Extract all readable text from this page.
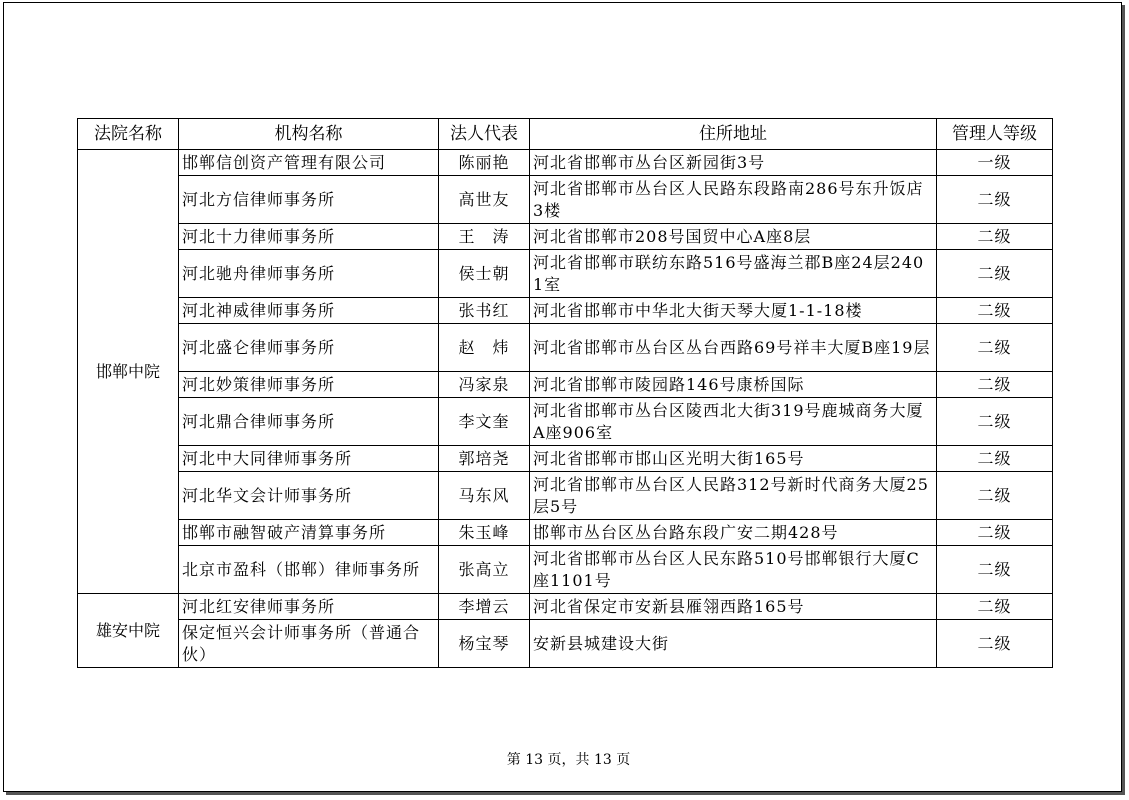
法院名称	机构名称	法人代表	住所地址	管理人等级
邯郸中院	邯郸信创资产管理有限公司	陈丽艳	河北省邯郸市丛台区新园街3号	一级
	河北方信律师事务所	高世友	河北省邯郸市丛台区人民路东段路南286号东升饭店3楼	二级
	河北十力律师事务所	王　涛	河北省邯郸市208号国贸中心A座8层	二级
	河北驰舟律师事务所	侯士朝	河北省邯郸市联纺东路516号盛海兰郡B座24层2401室	二级
	河北神威律师事务所	张书红	河北省邯郸市中华北大街天琴大厦1-1-18楼	二级
	河北盛仑律师事务所	赵　炜	河北省邯郸市丛台区丛台西路69号祥丰大厦B座19层	二级
	河北妙策律师事务所	冯家泉	河北省邯郸市陵园路146号康桥国际	二级
	河北鼎合律师事务所	李文奎	河北省邯郸市丛台区陵西北大街319号鹿城商务大厦A座906室	二级
	河北中大同律师事务所	郭培尧	河北省邯郸市邯山区光明大街165号	二级
	河北华文会计师事务所	马东风	河北省邯郸市丛台区人民路312号新时代商务大厦25层5号	二级
	邯郸市融智破产清算事务所	朱玉峰	邯郸市丛台区丛台路东段广安二期428号	二级
	北京市盈科（邯郸）律师事务所	张高立	河北省邯郸市丛台区人民东路510号邯郸银行大厦C座1101号	二级
雄安中院	河北红安律师事务所	李增云	河北省保定市安新县雁翎西路165号	二级
	保定恒兴会计师事务所（普通合伙）	杨宝琴	安新县城建设大街	二级
第 13 页，共 13 页
